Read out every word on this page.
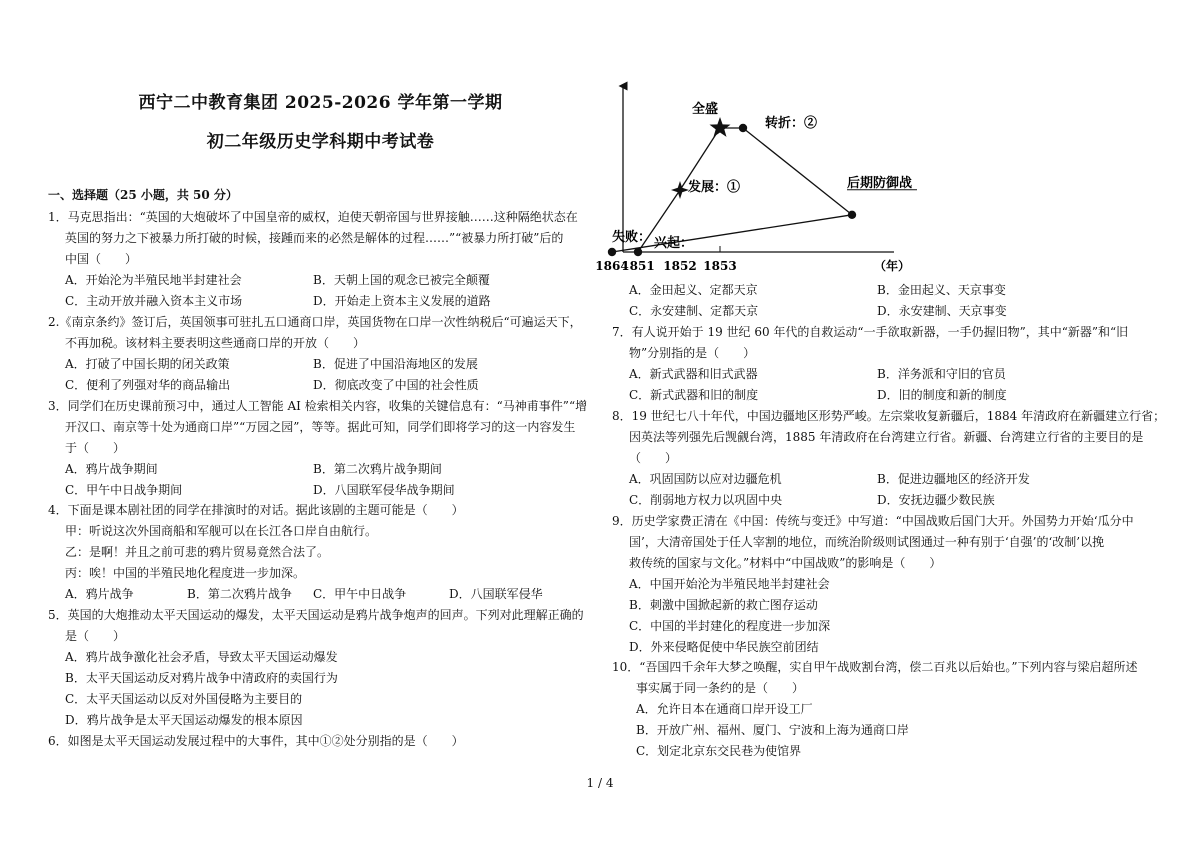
西宁二中教育集团 2025-2026 学年第一学期
初二年级历史学科期中考试卷
一、选择题（25 小题，共 50 分）
1．马克思指出：“英国的大炮破坏了中国皇帝的威权，迫使天朝帝国与世界接触……这种隔绝状态在
英国的努力之下被暴力所打破的时候，接踵而来的必然是解体的过程……”“被暴力所打破”后的
中国（　　）
A．开始沦为半殖民地半封建社会	B．天朝上国的观念已被完全颠覆
C．主动开放并融入资本主义市场	D．开始走上资本主义发展的道路
2.《南京条约》签订后，英国领事可驻扎五口通商口岸，英国货物在口岸一次性纳税后“可遍运天下，
不再加税。该材料主要表明这些通商口岸的开放（　　）
A．打破了中国长期的闭关政策	B．促进了中国沿海地区的发展
C．便利了列强对华的商品输出	D．彻底改变了中国的社会性质
3．同学们在历史课前预习中，通过人工智能 AI 检索相关内容，收集的关键信息有：“马神甫事件”“增
开汉口、南京等十处为通商口岸”“万园之园”，等等。据此可知，同学们即将学习的这一内容发生
于（　　）
A．鸦片战争期间	B．第二次鸦片战争期间
C．甲午中日战争期间	D．八国联军侵华战争期间
4．下面是课本剧社团的同学在排演时的对话。据此该剧的主题可能是（　　）
甲：听说这次外国商船和军舰可以在长江各口岸自由航行。
乙：是啊！并且之前可悲的鸦片贸易竟然合法了。
丙：唉！中国的半殖民地化程度进一步加深。
A．鸦片战争	B．第二次鸦片战争 C．甲午中日战争	D．八国联军侵华
5．英国的大炮推动太平天国运动的爆发，太平天国运动是鸦片战争炮声的回声。下列对此理解正确的
是（　　）
A．鸦片战争激化社会矛盾，导致太平天国运动爆发
B．太平天国运动反对鸦片战争中清政府的卖国行为
C．太平天国运动以反对外国侵略为主要目的
D．鸦片战争是太平天国运动爆发的根本原因
6．如图是太平天国运动发展过程中的大事件，其中①②处分别指的是（　　）
1851 1852 1853
1864
兴起：
发展：①
全盛
转折：②
后期防御战
失败：
（年）
A．金田起义、定都天京	B．金田起义、天京事变
C．永安建制、定都天京	D．永安建制、天京事变
7．有人说开始于 19 世纪 60 年代的自救运动“一手欲取新器，一手仍握旧物”，其中“新器”和“旧
物”分别指的是（　　）
A．新式武器和旧式武器	B．洋务派和守旧的官员
C．新式武器和旧的制度	D．旧的制度和新的制度
8．19 世纪七八十年代，中国边疆地区形势严峻。左宗棠收复新疆后，1884 年清政府在新疆建立行省；
因英法等列强先后觊觎台湾，1885 年清政府在台湾建立行省。新疆、台湾建立行省的主要目的是
（　　）
A．巩固国防以应对边疆危机	B．促进边疆地区的经济开发
C．削弱地方权力以巩固中央	D．安抚边疆少数民族
9．历史学家费正清在《中国：传统与变迁》中写道：“中国战败后国门大开。外国势力开始‘瓜分中
国’，大清帝国处于任人宰割的地位，而统治阶级则试图通过一种有别于‘自强’的‘改制’以挽
救传统的国家与文化。”材料中“中国战败”的影响是（　　）
A．中国开始沦为半殖民地半封建社会
B．刺激中国掀起新的救亡图存运动
C．中国的半封建化的程度进一步加深
D．外来侵略促使中华民族空前团结
10．“吾国四千余年大梦之唤醒，实自甲午战败割台湾，偿二百兆以后始也。”下列内容与梁启超所述
事实属于同一条约的是（　　）
A．允许日本在通商口岸开设工厂
B．开放广州、福州、厦门、宁波和上海为通商口岸
C．划定北京东交民巷为使馆界
1 / 4
